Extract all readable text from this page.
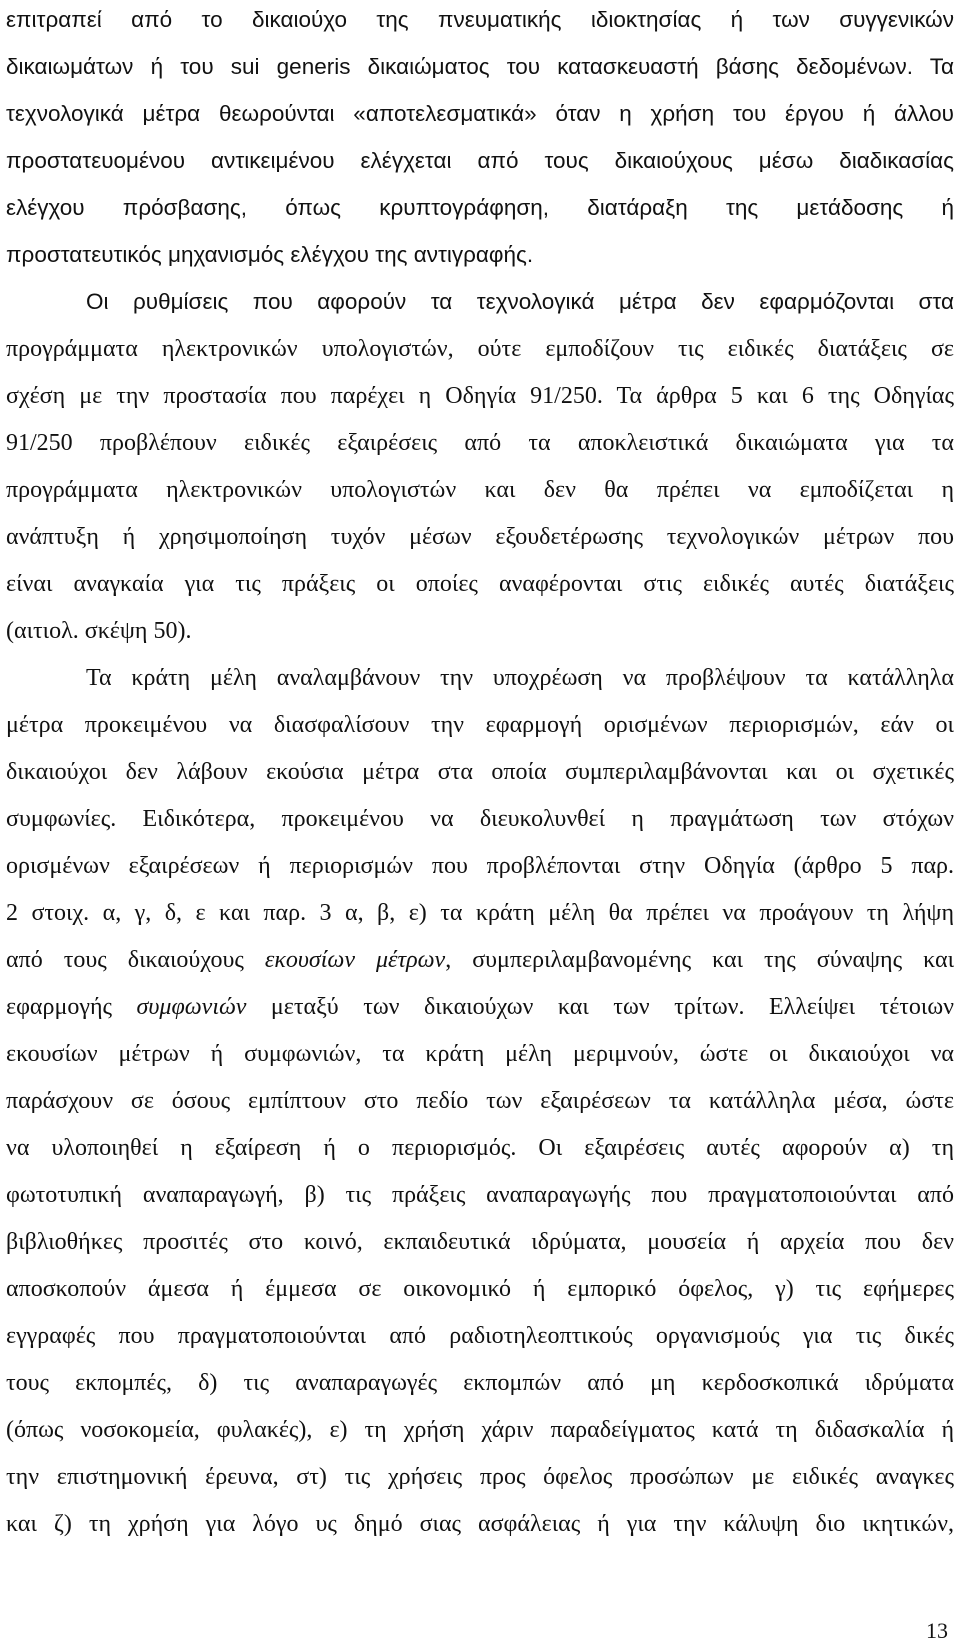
επιτραπεί από το δικαιούχο της πνευματικής ιδιοκτησίας ή των συγγενικών
δικαιωμάτων ή του sui generis δικαιώματος του κατασκευαστή βάσης δεδομένων. Τα
τεχνολογικά μέτρα θεωρούνται «αποτελεσματικά» όταν η χρήση του έργου ή άλλου
προστατευομένου αντικειμένου ελέγχεται από τους δικαιούχους μέσω διαδικασίας
ελέγχου πρόσβασης, όπως κρυπτογράφηση, διατάραξη της μετάδοσης ή
προστατευτικός μηχανισμός ελέγχου της αντιγραφής.
Οι ρυθμίσεις που αφορούν τα τεχνολογικά μέτρα δεν εφαρμόζονται στα
προγράμματα ηλεκτρονικών υπολογιστών, ούτε εμποδίζουν τις ειδικές διατάξεις σε
σχέση με την προστασία που παρέχει η Οδηγία 91/250. Τα άρθρα 5 και 6 της Οδηγίας
91/250 προβλέπουν ειδικές εξαιρέσεις από τα αποκλειστικά δικαιώματα για τα
προγράμματα ηλεκτρονικών υπολογιστών και δεν θα πρέπει να εμποδίζεται η
ανάπτυξη ή χρησιμοποίηση τυχόν μέσων εξουδετέρωσης τεχνολογικών μέτρων που
είναι αναγκαία για τις πράξεις οι οποίες αναφέρονται στις ειδικές αυτές διατάξεις
(αιτιολ. σκέψη 50).
Τα κράτη μέλη αναλαμβάνουν την υποχρέωση να προβλέψουν τα κατάλληλα
μέτρα προκειμένου να διασφαλίσουν την εφαρμογή ορισμένων περιορισμών, εάν οι
δικαιούχοι δεν λάβουν εκούσια μέτρα στα οποία συμπεριλαμβάνονται και οι σχετικές
συμφωνίες. Ειδικότερα, προκειμένου να διευκολυνθεί η πραγμάτωση των στόχων
ορισμένων εξαιρέσεων ή περιορισμών που προβλέπονται στην Οδηγία (άρθρο 5 παρ.
2 στοιχ. α, γ, δ, ε και παρ. 3 α, β, ε) τα κράτη μέλη θα πρέπει να προάγουν τη λήψη
από τους δικαιούχους εκουσίων μέτρων, συμπεριλαμβανομένης και της σύναψης και
εφαρμογής συμφωνιών μεταξύ των δικαιούχων και των τρίτων. Ελλείψει τέτοιων
εκουσίων μέτρων ή συμφωνιών, τα κράτη μέλη μεριμνούν, ώστε οι δικαιούχοι να
παράσχουν σε όσους εμπίπτουν στο πεδίο των εξαιρέσεων τα κατάλληλα μέσα, ώστε
να υλοποιηθεί η εξαίρεση ή ο περιορισμός. Οι εξαιρέσεις αυτές αφορούν α) τη
φωτοτυπική αναπαραγωγή, β) τις πράξεις αναπαραγωγής που πραγματοποιούνται από
βιβλιοθήκες προσιτές στο κοινό, εκπαιδευτικά ιδρύματα, μουσεία ή αρχεία που δεν
αποσκοπούν άμεσα ή έμμεσα σε οικονομικό ή εμπορικό όφελος, γ) τις εφήμερες
εγγραφές που πραγματοποιούνται από ραδιοτηλεοπτικούς οργανισμούς για τις δικές
τους εκπομπές, δ) τις αναπαραγωγές εκπομπών από μη κερδοσκοπικά ιδρύματα
(όπως νοσοκομεία, φυλακές), ε) τη χρήση χάριν παραδείγματος κατά τη διδασκαλία ή
την επιστημονική έρευνα, στ) τις χρήσεις προς όφελος προσώπων με ειδικές αναγκες
και ζ) τη χρήση για λόγο υς δημό σιας ασφάλειας ή για την κάλυψη διο ικητικών,
13
